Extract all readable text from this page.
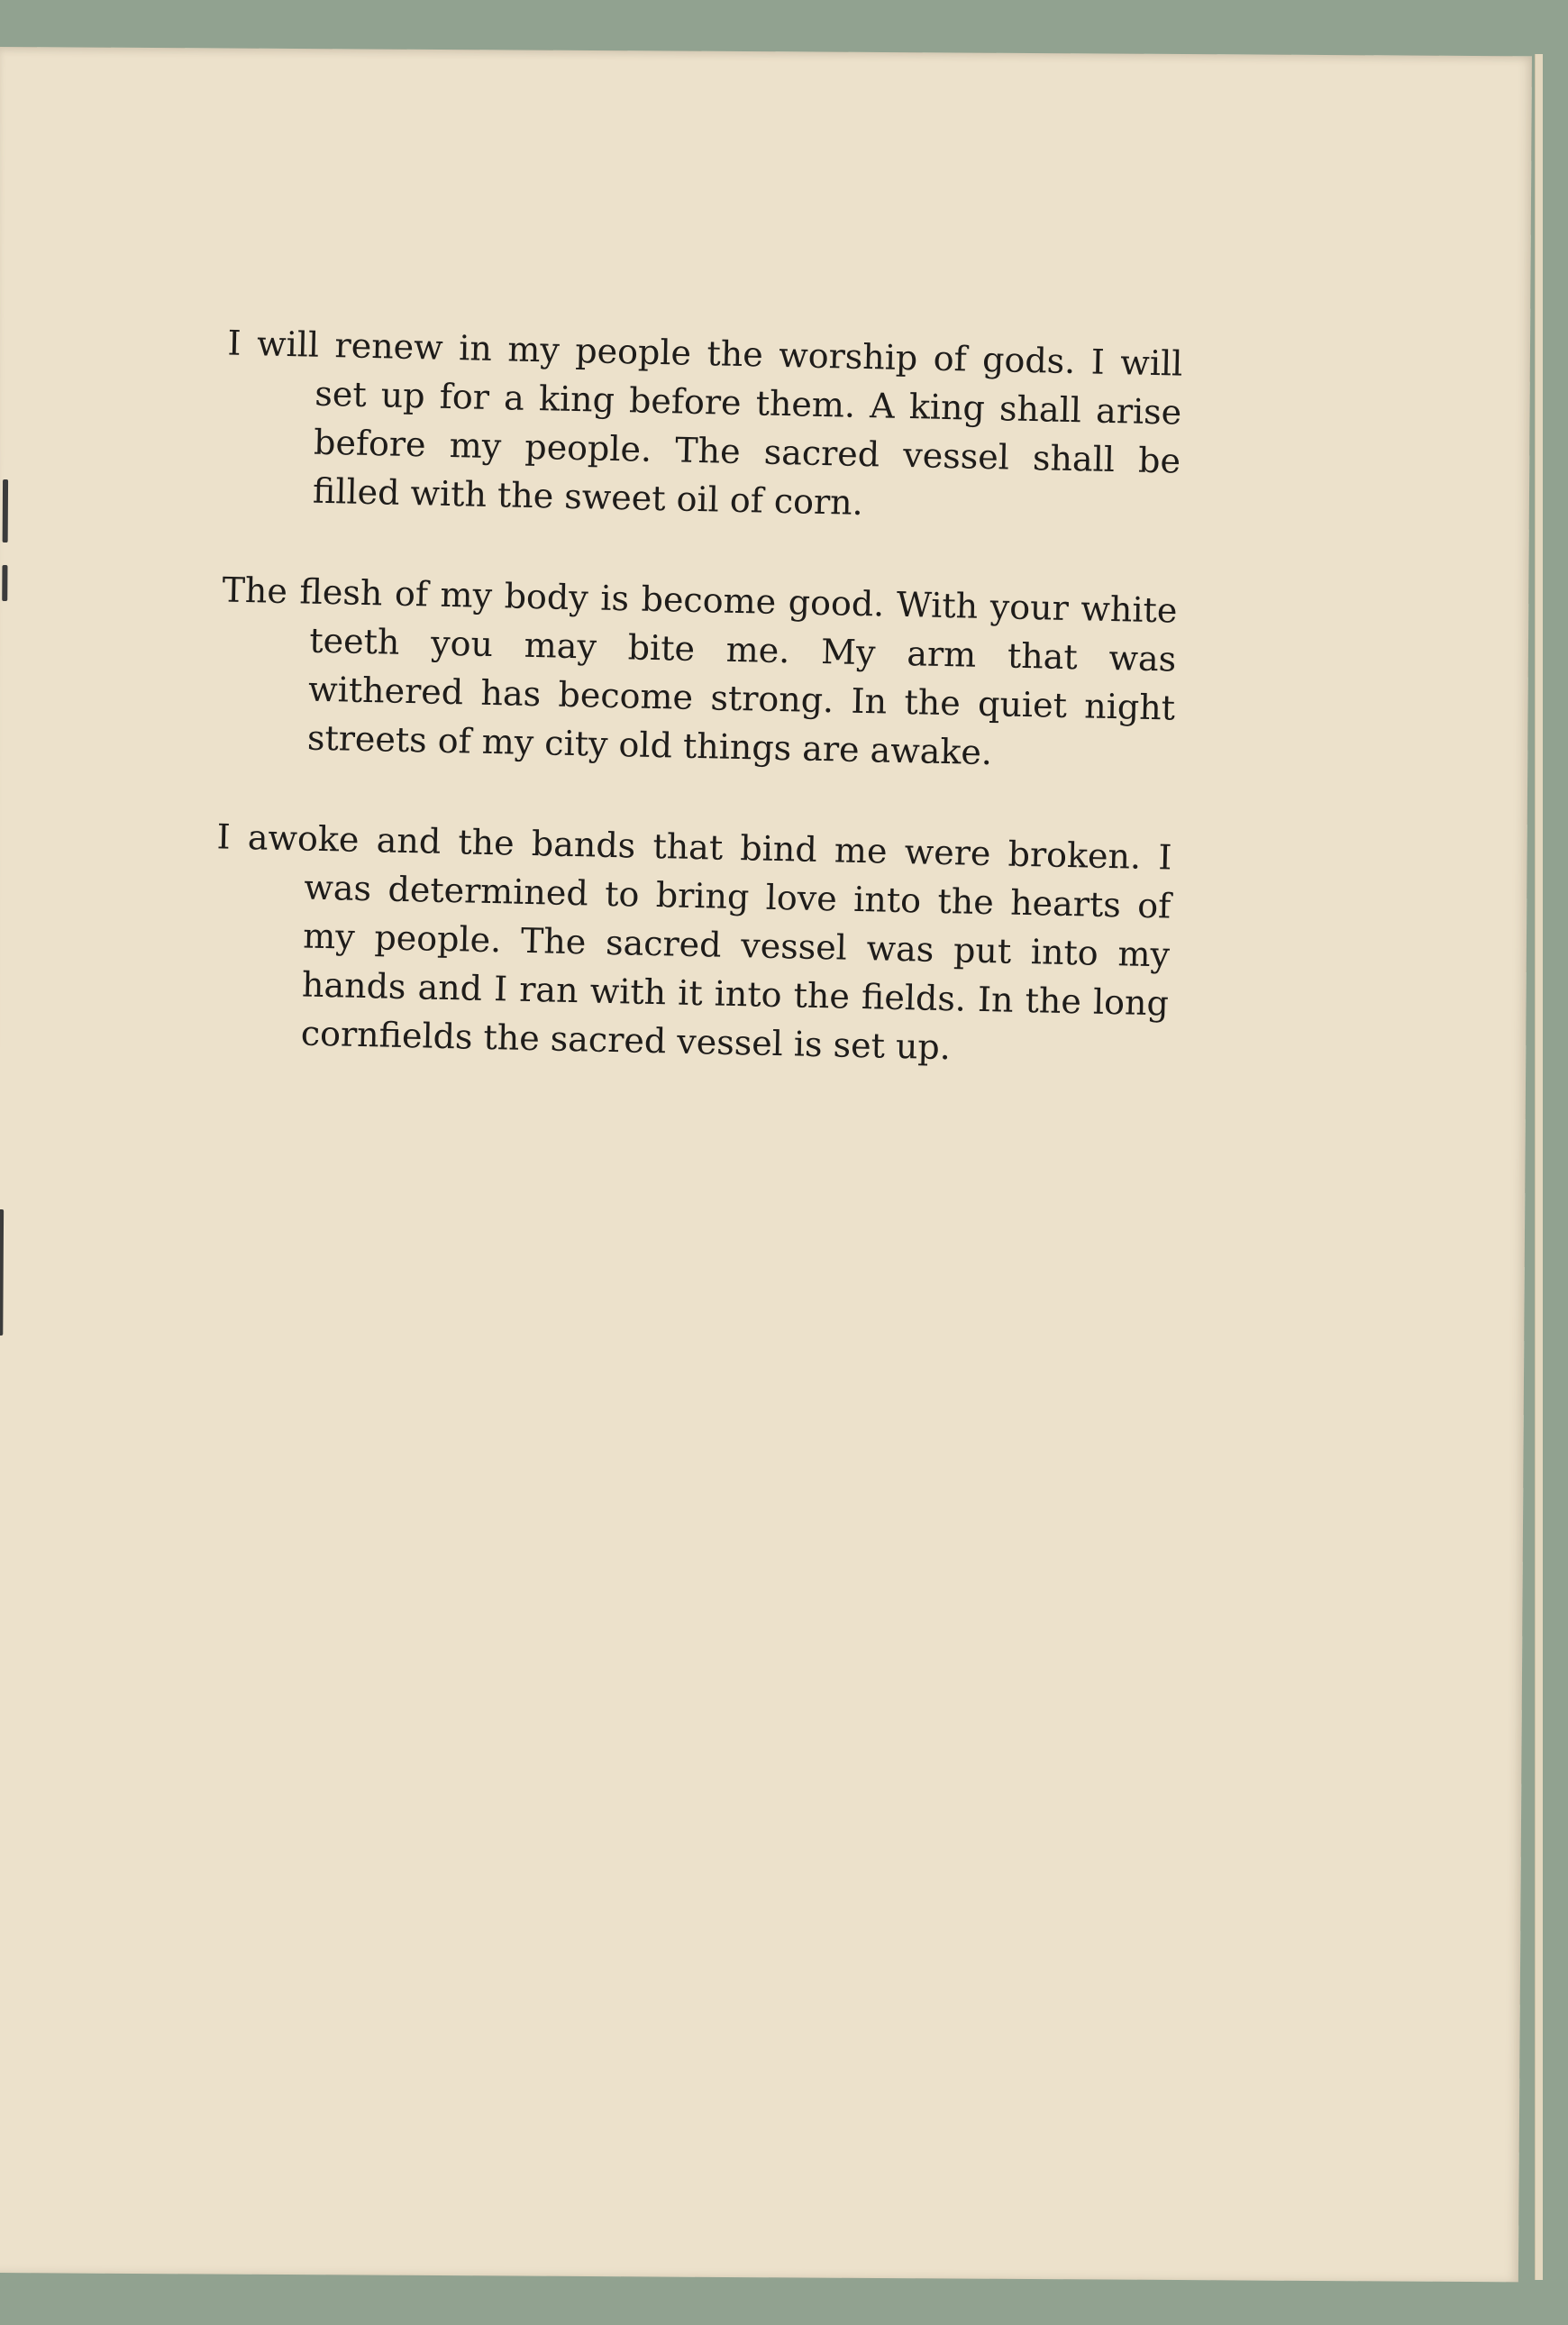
I will renew in my people the worship of gods. I will set up for a king before them. A king shall arise before my people. The sacred vessel shall be filled with the sweet oil of corn.

The flesh of my body is become good. With your white teeth you may bite me. My arm that was withered has become strong. In the quiet night streets of my city old things are awake.

I awoke and the bands that bind me were broken. I was determined to bring love into the hearts of my people. The sacred vessel was put into my hands and I ran with it into the fields. In the long cornfields the sacred vessel is set up.
